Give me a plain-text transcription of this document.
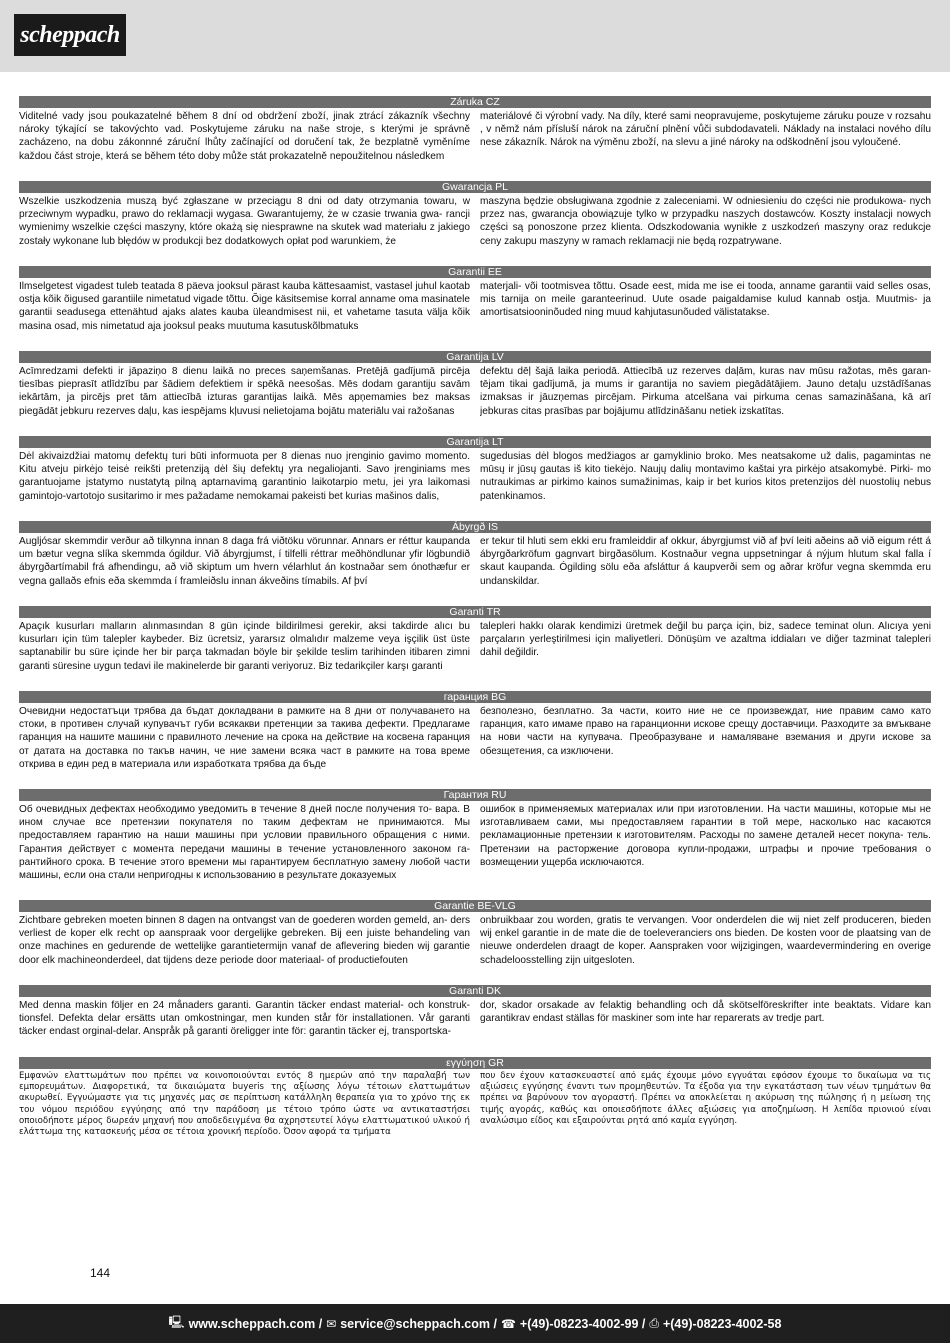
scheppach
Záruka CZ
Viditelné vady jsou poukazatelné během 8 dní od obdržení zboží, jinak ztrácí zákazník všechny nároky týkající se takovýchto vad. Poskytujeme záruku na naše stroje, s kterými je správně zacházeno, na dobu zákonnné záruční lhůty začínající od doručení tak, že bezplatně vyměníme každou část stroje, která se během této doby může stát prokazatelně nepoužitelnou následkem
materiálové či výrobní vady. Na díly, které sami neopravujeme, poskytujeme záruku pouze v rozsahu , v němž nám přísluší nárok na záruční plnění vůči subdodavateli. Náklady na instalaci nového dílu nese zákazník. Nárok na výměnu zboží, na slevu a jiné nároky na odškodnění jsou vyloučené.
Gwarancja PL
Wszelkie uszkodzenia muszą być zgłaszane w przeciągu 8 dni od daty otrzymania towaru, w przeciwnym wypadku, prawo do reklamacji wygasa. Gwarantujemy, że w czasie trwania gwa- rancji wymienimy wszelkie części maszyny, które okażą się niesprawne na skutek wad materiału z jakiego zostały wykonane lub błędów w produkcji bez dodatkowych opłat pod warunkiem, że
maszyna będzie obsługiwana zgodnie z zaleceniami. W odniesieniu do części nie produkowa- nych przez nas, gwarancja obowiązuje tylko w przypadku naszych dostawców. Koszty instalacji nowych części są ponoszone przez klienta. Odszkodowania wynikłe z uszkodzeń maszyny oraz redukcje ceny zakupu maszyny w ramach reklamacji nie będą rozpatrywane.
Garantii EE
Ilmselgetest vigadest tuleb teatada 8 päeva jooksul pärast kauba kättesaamist, vastasel juhul kaotab ostja kõik õigused garantiile nimetatud vigade tõttu. Õige käsitsemise korral anname oma masinatele garantii seadusega ettenähtud ajaks alates kauba üleandmisest nii, et vahetame tasuta välja kõik masina osad, mis nimetatud aja jooksul peaks muutuma kasutuskõlbmatuks
materjali- või tootmisvea tõttu. Osade eest, mida me ise ei tooda, anname garantii vaid selles osas, mis tarnija on meile garanteerinud. Uute osade paigaldamise kulud kannab ostja. Muutmis- ja amortisatsiooninõuded ning muud kahjutasunõuded välistatakse.
Garantija LV
Acīmredzami defekti ir jāpaziņo 8 dienu laikā no preces saņemšanas. Pretējā gadījumā pircēja tiesības pieprasīt atlīdzību par šādiem defektiem ir spēkā neesošas. Mēs dodam garantiju savām iekārtām, ja pircējs pret tām attiecībā izturas garantijas laikā. Mēs apņemamies bez maksas piegādāt jebkuru rezerves daļu, kas iespējams kļuvusi nelietojama bojātu materiālu vai ražošanas
defektu dēļ šajā laika periodā. Attiecībā uz rezerves daļām, kuras nav mūsu ražotas, mēs garan- tējam tikai gadījumā, ja mums ir garantija no saviem piegādātājiem. Jauno detaļu uzstādīšanas izmaksas ir jāuzņemas pircējam. Pirkuma atcelšana vai pirkuma cenas samazināšana, kā arī jebkuras citas prasības par bojājumu atlīdzināšanu netiek izskatītas.
Garantija LT
Dėl akivaizdžiai matomų defektų turi būti informuota per 8 dienas nuo įrenginio gavimo momento. Kitu atveju pirkėjo teisė reikšti pretenziją dėl šių defektų yra negaliojanti. Savo įrenginiams mes garantuojame įstatymo nustatytą pilną aptarnavimą garantinio laikotarpio metu, jei yra laikomasi gamintojo-vartotojo susitarimo ir mes pažadame nemokamai pakeisti bet kurias mašinos dalis,
sugedusias dėl blogos medžiagos ar gamyklinio broko. Mes neatsakome už dalis, pagamintas ne mūsų ir jūsų gautas iš kito tiekėjo. Naujų dalių montavimo kaštai yra pirkėjo atsakomybė. Pirki- mo nutraukimas ar pirkimo kainos sumažinimas, kaip ir bet kurios kitos pretenzijos dėl nuostolių nebus patenkinamos.
Ábyrgð IS
Augljósar skemmdir verður að tilkynna innan 8 daga frá viðtöku vörunnar. Annars er réttur kaupanda um bætur vegna slíka skemmda ógildur. Við ábyrgjumst, í tilfelli réttrar meðhöndlunar yfir lögbundið ábyrgðartímabil frá afhendingu, að við skiptum um hvern vélarhlut án kostnaðar sem ónothæfur er vegna gallaðs efnis eða skemmda í framleiðslu innan ákveðins tímabils. Af því
er tekur til hluti sem ekki eru framleiddir af okkur, ábyrgjumst við af því leiti aðeins að við eigum rétt á ábyrgðarkröfum gagnvart birgðasölum. Kostnaður vegna uppsetningar á nýjum hlutum skal falla í skaut kaupanda. Ógilding sölu eða afsláttur á kaupverði sem og aðrar kröfur vegna skemmda eru undanskildar.
Garanti TR
Apaçık kusurları malların alınmasından 8 gün içinde bildirilmesi gerekir, aksi takdirde alıcı bu kusurları için tüm talepler kaybeder. Biz ücretsiz, yararsız olmalıdır malzeme veya işçilik üst üste saptanabilir bu süre içinde her bir parça takmadan böyle bir şekilde teslim tarihinden itibaren zimni garanti süresine uygun tedavi ile makinelerde bir garanti veriyoruz. Biz tedarikçiler karşı garanti
talepleri hakkı olarak kendimizi üretmek değil bu parça için, biz, sadece teminat olun. Alıcıya yeni parçaların yerleştirilmesi için maliyetleri. Dönüşüm ve azaltma iddiaları ve diğer tazminat talepleri dahil değildir.
гаранция BG
Очевидни недостатъци трябва да бъдат докладвани в рамките на 8 дни от получаването на стоки, в противен случай купувачът губи всякакви претенции за такива дефекти. Предлагаме гаранция на нашите машини с правилното лечение на срока на действие на косвена гаранция от датата на доставка по такъв начин, че ние замени всяка част в рамките на това време открива в един ред в материала или изработката трябва да бъде
безполезно, безплатно. За части, които ние не се произвеждат, ние правим само като гаранция, като имаме право на гаранционни искове срещу доставчици. Разходите за вмъкване на нови части на купувача. Преобразуване и намаляване вземания и други искове за обезщетения, са изключени.
Гарантия RU
Об очевидных дефектах необходимо уведомить в течение 8 дней после получения то- вара. В ином случае все претензии покупателя по таким дефектам не принимаются. Мы предоставляем гарантию на наши машины при условии правильного обращения с ними. Гарантия действует с момента передачи машины в течение установленного законом га- рантийного срока. В течение этого времени мы гарантируем бесплатную замену любой части машины, если она стали непригодны к использованию в результате доказуемых
ошибок в применяемых материалах или при изготовлении. На части машины, которые мы не изготавливаем сами, мы предоставляем гарантии в той мере, насколько нас касаются рекламационные претензии к изготовителям. Расходы по замене деталей несет покупа- тель. Претензии на расторжение договора купли-продажи, штрафы и прочие требования о возмещении ущерба исключаются.
Garantie BE-VLG
Zichtbare gebreken moeten binnen 8 dagen na ontvangst van de goederen worden gemeld, an- ders verliest de koper elk recht op aanspraak voor dergelijke gebreken. Bij een juiste behandeling van onze machines en gedurende de wettelijke garantietermijn vanaf de aflevering bieden wij garantie door elk machineonderdeel, dat tijdens deze periode door materiaal- of productiefouten
onbruikbaar zou worden, gratis te vervangen. Voor onderdelen die wij niet zelf produceren, bieden wij enkel garantie in de mate die de toeleveranciers ons bieden. De kosten voor de plaatsing van de nieuwe onderdelen draagt de koper. Aanspraken voor wijzigingen, waardevermindering en overige schadeloosstelling zijn uitgesloten.
Garanti DK
Med denna maskin följer en 24 månaders garanti. Garantin täcker endast material- och konstruk- tionsfel. Defekta delar ersätts utan omkostningar, men kunden står för installationen. Vår garanti täcker endast orginal-delar. Anspråk på garanti öreligger inte för: garantin täcker ej, transportska-
dor, skador orsakade av felaktig behandling och då skötselföreskrifter inte beaktats. Vidare kan garantikrav endast ställas för maskiner som inte har reparerats av tredje part.
εγγύηση GR
Εμφανών ελαττωμάτων που πρέπει να κοινοποιούνται εντός 8 ημερών από την παραλαβή των εμπορευμάτων. Διαφορετικά, τα δικαιώματα buyeris της αξίωσης λόγω τέτοιων ελαττωμάτων ακυρωθεί. Εγγυώμαστε για τις μηχανές μας σε περίπτωση κατάλληλη θεραπεία για το χρόνο της εκ του νόμου περιόδου εγγύησης από την παράδοση με τέτοιο τρόπο ώστε να αντικαταστήσει οποιοδήποτε μέρος δωρεάν μηχανή που αποδεδειγμένα θα αχρηστευτεί λόγω ελαττωματικού υλικού ή ελάττωμα της κατασκευής μέσα σε τέτοια χρονική περίοδο. Όσον αφορά τα τμήματα
που δεν έχουν κατασκευαστεί από εμάς έχουμε μόνο εγγυάται εφόσον έχουμε το δικαίωμα να τις αξιώσεις εγγύησης έναντι των προμηθευτών. Τα έξοδα για την εγκατάσταση των νέων τμημάτων θα πρέπει να βαρύνουν τον αγοραστή. Πρέπει να αποκλείεται η ακύρωση της πώλησης ή η μείωση της τιμής αγοράς, καθώς και οποιεσδήποτε άλλες αξιώσεις για αποζημίωση. Η λεπίδα πριονιού είναι αναλώσιμο είδος και εξαιρούνται ρητά από καμία εγγύηση.
144
🖳 www.scheppach.com / ✉ service@scheppach.com / ☎ +(49)-08223-4002-99 / ⎙ +(49)-08223-4002-58
